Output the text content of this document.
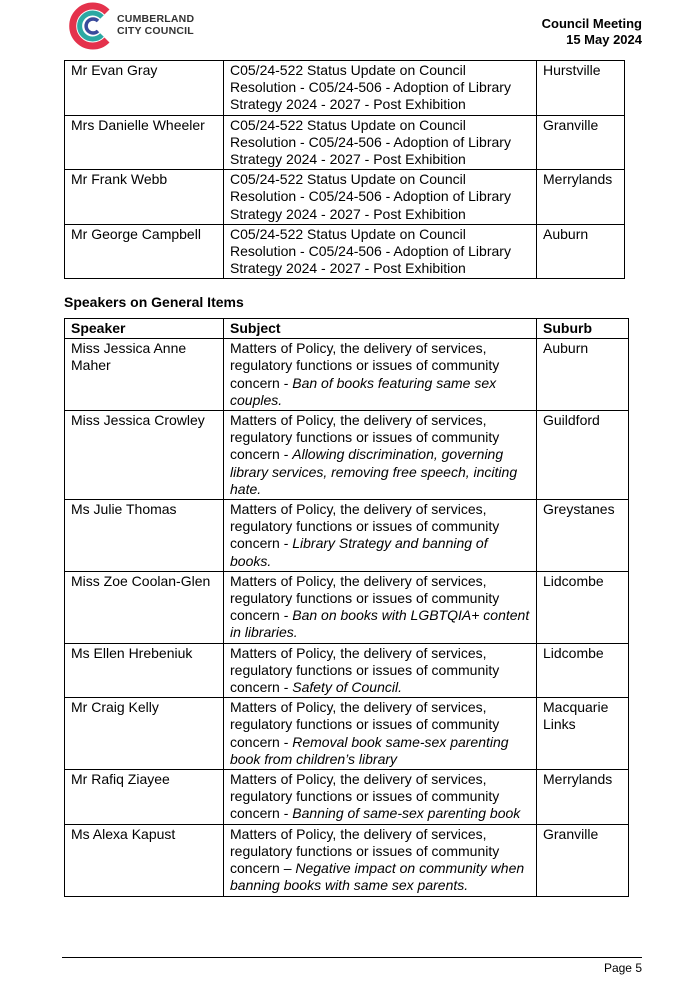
CUMBERLAND
CITY COUNCIL	Council Meeting
15 May 2024
Mr Evan Gray	C05/24-522 Status Update on Council Resolution - C05/24-506 - Adoption of Library Strategy 2024 - 2027 - Post Exhibition	Hurstville
Mrs Danielle Wheeler	C05/24-522 Status Update on Council Resolution - C05/24-506 - Adoption of Library Strategy 2024 - 2027 - Post Exhibition	Granville
Mr Frank Webb	C05/24-522 Status Update on Council Resolution - C05/24-506 - Adoption of Library Strategy 2024 - 2027 - Post Exhibition	Merrylands
Mr George Campbell	C05/24-522 Status Update on Council Resolution - C05/24-506 - Adoption of Library Strategy 2024 - 2027 - Post Exhibition	Auburn
Speakers on General Items
Speaker	Subject	Suburb
Miss Jessica Anne Maher	Matters of Policy, the delivery of services, regulatory functions or issues of community concern - Ban of books featuring same sex couples.	Auburn
Miss Jessica Crowley	Matters of Policy, the delivery of services, regulatory functions or issues of community concern - Allowing discrimination, governing library services, removing free speech, inciting hate.	Guildford
Ms Julie Thomas	Matters of Policy, the delivery of services, regulatory functions or issues of community concern - Library Strategy and banning of books.	Greystanes
Miss Zoe Coolan-Glen	Matters of Policy, the delivery of services, regulatory functions or issues of community concern - Ban on books with LGBTQIA+ content in libraries.	Lidcombe
Ms Ellen Hrebeniuk	Matters of Policy, the delivery of services, regulatory functions or issues of community concern - Safety of Council.	Lidcombe
Mr Craig Kelly	Matters of Policy, the delivery of services, regulatory functions or issues of community concern - Removal book same-sex parenting book from children’s library	Macquarie Links
Mr Rafiq Ziayee	Matters of Policy, the delivery of services, regulatory functions or issues of community concern - Banning of same-sex parenting book	Merrylands
Ms Alexa Kapust	Matters of Policy, the delivery of services, regulatory functions or issues of community concern – Negative impact on community when banning books with same sex parents.	Granville
Page 5
